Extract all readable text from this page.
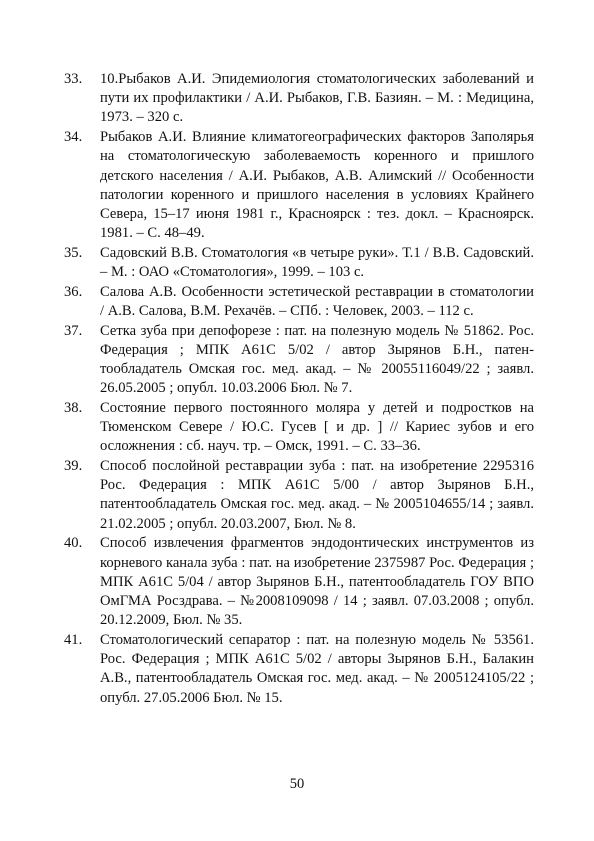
33.	10.Рыбаков А.И. Эпидемиология стоматологических заболеваний и пути их профилактики / А.И. Рыбаков, Г.В. Базиян. – М. : Медицина, 1973. – 320 с.
34.	Рыбаков А.И. Влияние климатогеографических факторов Заполярья на стоматологическую заболеваемость коренного и пришлого детского населения / А.И. Рыбаков, А.В. Алимский // Особенности патологии коренного и пришлого населения в условиях Крайнего Севера, 15–17 июня 1981 г., Красноярск : тез. докл. – Красноярск. 1981. – С. 48–49.
35.	Садовский В.В. Стоматология «в четыре руки». Т.1 / В.В. Садовский. – М. : ОАО «Стоматология», 1999. – 103 с.
36.	Салова А.В. Особенности эстетической реставрации в стоматологии / А.В. Салова, В.М. Рехачёв. – СПб. : Человек, 2003. – 112 с.
37.	Сетка зуба при депофорезе : пат. на полезную модель № 51862. Рос. Федерация ; МПК А61С 5/02 / автор Зырянов Б.Н., патентообладатель Омская гос. мед. акад. – № 20055116049/22 ; заявл. 26.05.2005 ; опубл. 10.03.2006 Бюл. № 7.
38.	Состояние первого постоянного моляра у детей и подростков на Тюменском Севере / Ю.С. Гусев [ и др. ] // Кариес зубов и его осложнения : сб. науч. тр. – Омск, 1991. – С. 33–36.
39.	Способ послойной реставрации зуба : пат. на изобретение 2295316 Рос. Федерация : МПК А61С 5/00 / автор Зырянов Б.Н., патентообладатель Омская гос. мед. акад. – № 2005104655/14 ; заявл. 21.02.2005 ; опубл. 20.03.2007, Бюл. № 8.
40.	Способ извлечения фрагментов эндодонтических инструментов из корневого канала зуба : пат. на изобретение 2375987 Рос. Федерация ; МПК А61С 5/04 / автор Зырянов Б.Н., патентообладатель ГОУ ВПО ОмГМА Росздрава. – №2008109098 / 14 ; заявл. 07.03.2008 ; опубл. 20.12.2009, Бюл. № 35.
41.	Стоматологический сепаратор : пат. на полезную модель № 53561. Рос. Федерация ; МПК А61С 5/02 / авторы Зырянов Б.Н., Балакин А.В., патентообладатель Омская гос. мед. акад. – № 2005124105/22 ; опубл. 27.05.2006 Бюл. № 15.
50
